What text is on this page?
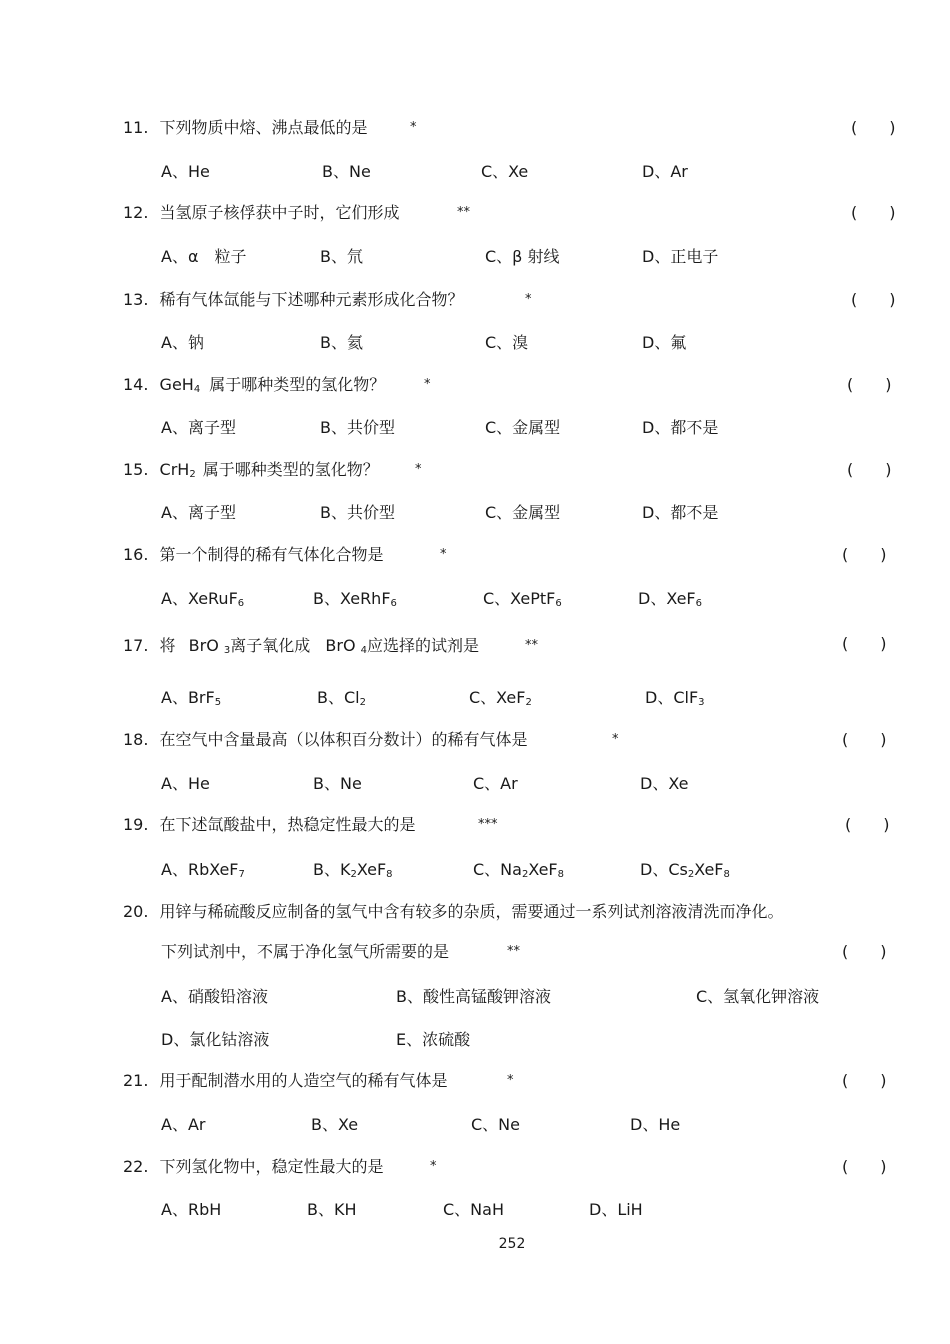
11. 下列物质中熔、沸点最低的是	*	(　　)
A、He	B、Ne	C、Xe	D、Ar
12. 当氢原子核俘获中子时，它们形成	**	(　　)
A、α　粒子	B、氘	C、β 射线	D、正电子
13. 稀有气体氙能与下述哪种元素形成化合物？	*	(　　)
A、钠	B、氦	C、溴	D、氟
14. GeH$_4$ 属于哪种类型的氢化物？	*	(　　)
A、离子型	B、共价型	C、金属型	D、都不是
15. CrH$_2$ 属于哪种类型的氢化物？	*	(　　)
A、离子型	B、共价型	C、金属型	D、都不是
16. 第一个制得的稀有气体化合物是	*	(　　)
A、XeRuF$_6$	B、XeRhF$_6$	C、XePtF$_6$	D、XeF$_6$
17. 将 BrO $_3$离子氧化成 BrO $_4$应选择的试剂是	**	(　　)
A、BrF$_5$	B、$Cl_2$	C、XeF$_2$	D、ClF$_3$
18. 在空气中含量最高（以体积百分数计）的稀有气体是	*	(　　)
A、He	B、Ne	C、Ar	D、Xe
19. 在下述氙酸盐中，热稳定性最大的是	***	(　　)
A、RbXeF$_7$	B、$K_2XeF_8$	C、$Na_2XeF_8$	D、$Cs_2XeF_8$
20. 用锌与稀硫酸反应制备的氢气中含有较多的杂质，需要通过一系列试剂溶液清洗而净化。
下列试剂中，不属于净化氢气所需要的是	**	(　　)
A、硝酸铅溶液	B、酸性高锰酸钾溶液	C、氢氧化钾溶液
D、氯化钴溶液	E、浓硫酸
21. 用于配制潜水用的人造空气的稀有气体是	*	(　　)
A、Ar	B、Xe	C、Ne	D、He
22. 下列氢化物中，稳定性最大的是	*	(　　)
A、RbH	B、KH	C、NaH	D、LiH
252
